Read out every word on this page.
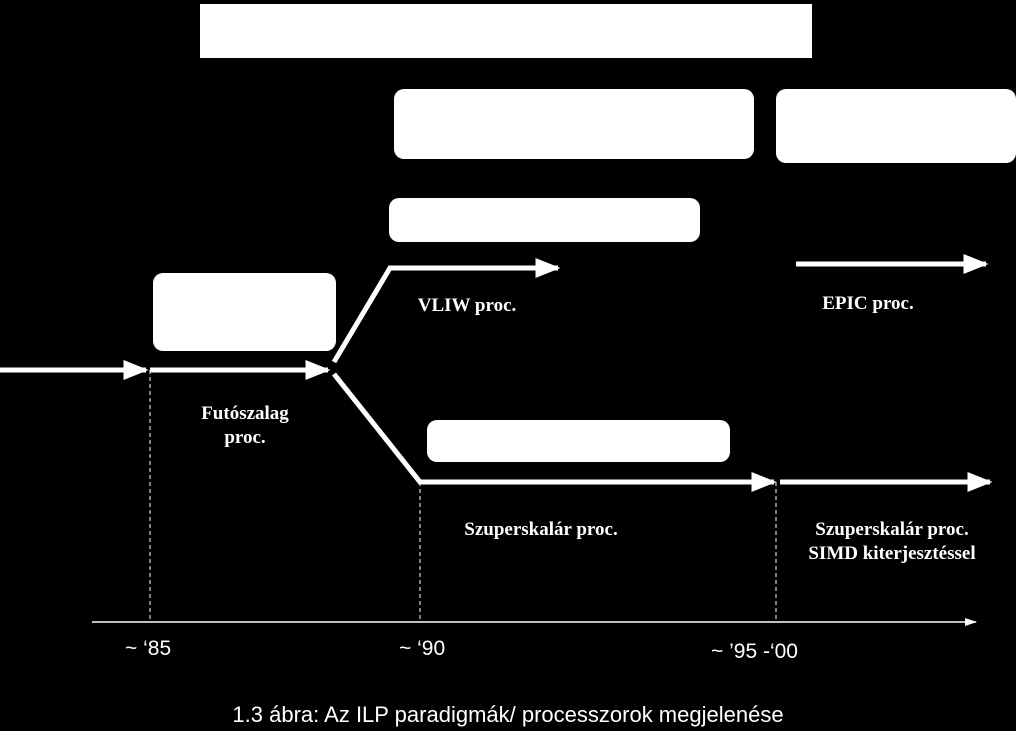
Futószalag
proc.
VLIW proc.	EPIC proc.
Szuperskalár proc.	Szuperskalár proc.
SIMD kiterjesztéssel
~ ‘85	~ ‘90	~ ’95 -‘00
1.3 ábra: Az ILP paradigmák/ processzorok megjelenése
